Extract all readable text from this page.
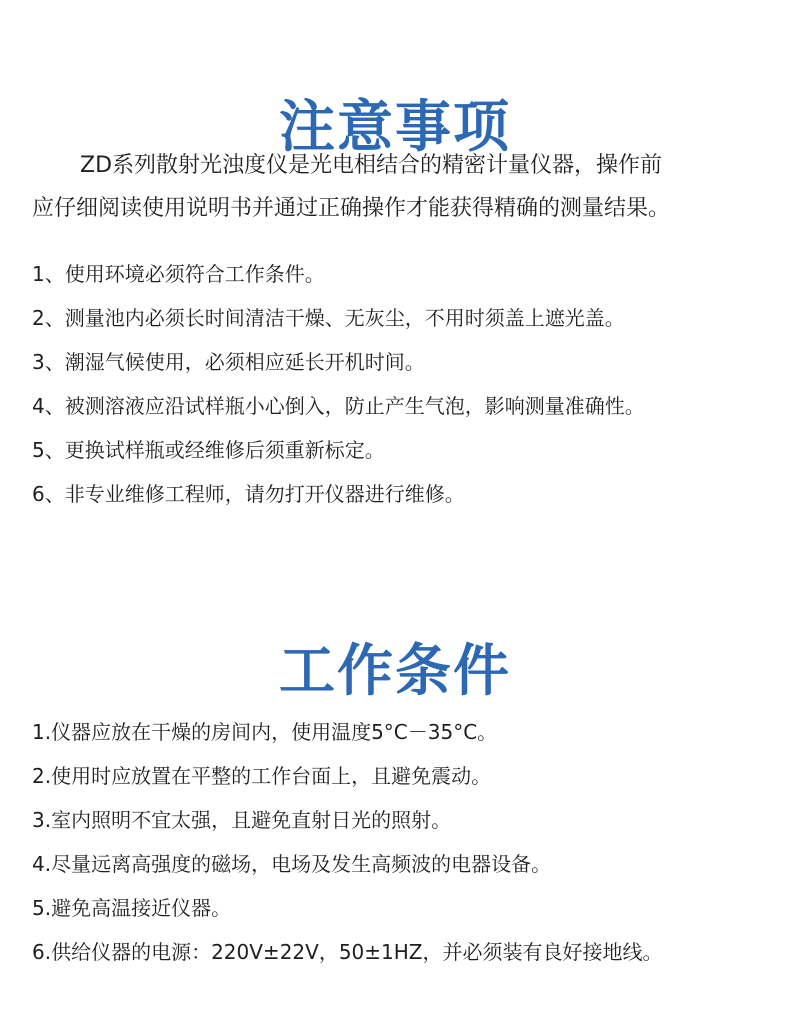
注意事项

ZD系列散射光浊度仪是光电相结合的精密计量仪器，操作前

应仔细阅读使用说明书并通过正确操作才能获得精确的测量结果。

1、使用环境必须符合工作条件。
2、测量池内必须长时间清洁干燥、无灰尘，不用时须盖上遮光盖。
3、潮湿气候使用，必须相应延长开机时间。
4、被测溶液应沿试样瓶小心倒入，防止产生气泡，影响测量准确性。
5、更换试样瓶或经维修后须重新标定。
6、非专业维修工程师，请勿打开仪器进行维修。
工作条件
1.仪器应放在干燥的房间内，使用温度5°C－35°C。
2.使用时应放置在平整的工作台面上，且避免震动。
3.室内照明不宜太强，且避免直射日光的照射。
4.尽量远离高强度的磁场，电场及发生高频波的电器设备。
5.避免高温接近仪器。
6.供给仪器的电源：220V±22V，50±1HZ，并必须装有良好接地线。
